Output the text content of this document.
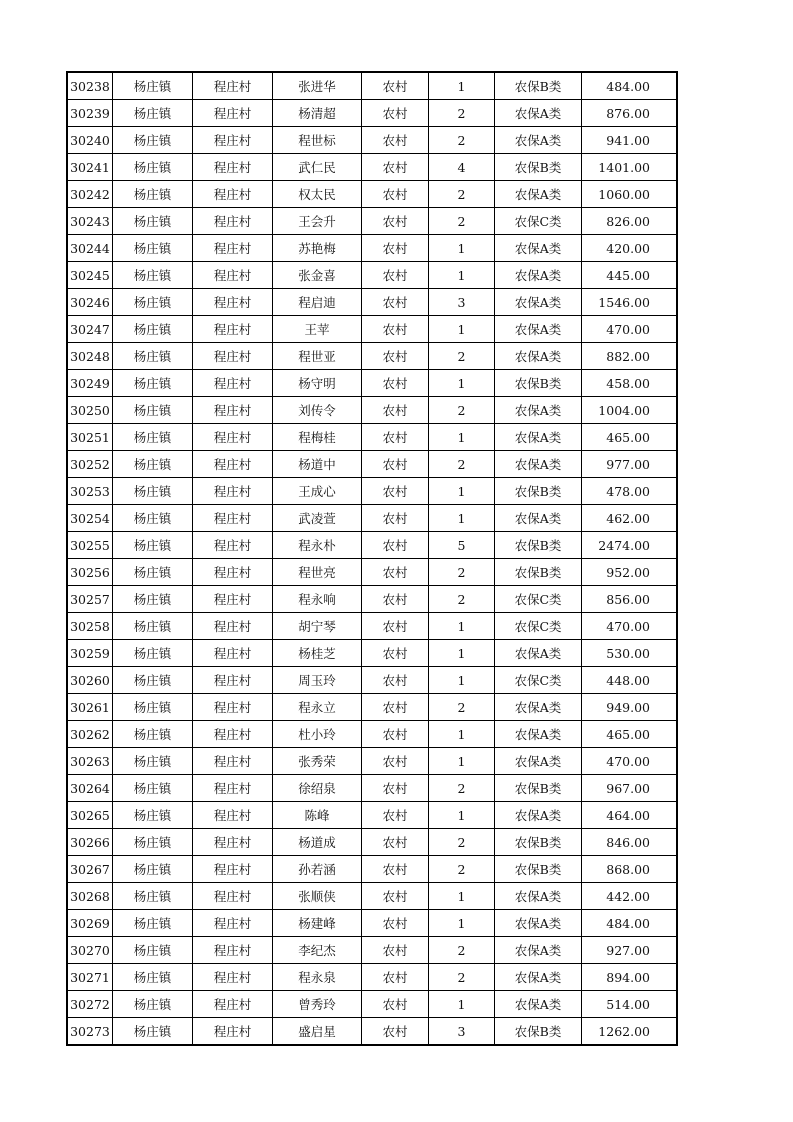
30238	杨庄镇	程庄村	张进华	农村	1	农保B类	484.00
30239	杨庄镇	程庄村	杨清超	农村	2	农保A类	876.00
30240	杨庄镇	程庄村	程世标	农村	2	农保A类	941.00
30241	杨庄镇	程庄村	武仁民	农村	4	农保B类	1401.00
30242	杨庄镇	程庄村	权太民	农村	2	农保A类	1060.00
30243	杨庄镇	程庄村	王会升	农村	2	农保C类	826.00
30244	杨庄镇	程庄村	苏艳梅	农村	1	农保A类	420.00
30245	杨庄镇	程庄村	张金喜	农村	1	农保A类	445.00
30246	杨庄镇	程庄村	程启迪	农村	3	农保A类	1546.00
30247	杨庄镇	程庄村	王苹	农村	1	农保A类	470.00
30248	杨庄镇	程庄村	程世亚	农村	2	农保A类	882.00
30249	杨庄镇	程庄村	杨守明	农村	1	农保B类	458.00
30250	杨庄镇	程庄村	刘传令	农村	2	农保A类	1004.00
30251	杨庄镇	程庄村	程梅桂	农村	1	农保A类	465.00
30252	杨庄镇	程庄村	杨道中	农村	2	农保A类	977.00
30253	杨庄镇	程庄村	王成心	农村	1	农保B类	478.00
30254	杨庄镇	程庄村	武凌萱	农村	1	农保A类	462.00
30255	杨庄镇	程庄村	程永朴	农村	5	农保B类	2474.00
30256	杨庄镇	程庄村	程世亮	农村	2	农保B类	952.00
30257	杨庄镇	程庄村	程永响	农村	2	农保C类	856.00
30258	杨庄镇	程庄村	胡宁琴	农村	1	农保C类	470.00
30259	杨庄镇	程庄村	杨桂芝	农村	1	农保A类	530.00
30260	杨庄镇	程庄村	周玉玲	农村	1	农保C类	448.00
30261	杨庄镇	程庄村	程永立	农村	2	农保A类	949.00
30262	杨庄镇	程庄村	杜小玲	农村	1	农保A类	465.00
30263	杨庄镇	程庄村	张秀荣	农村	1	农保A类	470.00
30264	杨庄镇	程庄村	徐绍泉	农村	2	农保B类	967.00
30265	杨庄镇	程庄村	陈峰	农村	1	农保A类	464.00
30266	杨庄镇	程庄村	杨道成	农村	2	农保B类	846.00
30267	杨庄镇	程庄村	孙若涵	农村	2	农保B类	868.00
30268	杨庄镇	程庄村	张顺侠	农村	1	农保A类	442.00
30269	杨庄镇	程庄村	杨建峰	农村	1	农保A类	484.00
30270	杨庄镇	程庄村	李纪杰	农村	2	农保A类	927.00
30271	杨庄镇	程庄村	程永泉	农村	2	农保A类	894.00
30272	杨庄镇	程庄村	曾秀玲	农村	1	农保A类	514.00
30273	杨庄镇	程庄村	盛启星	农村	3	农保B类	1262.00
